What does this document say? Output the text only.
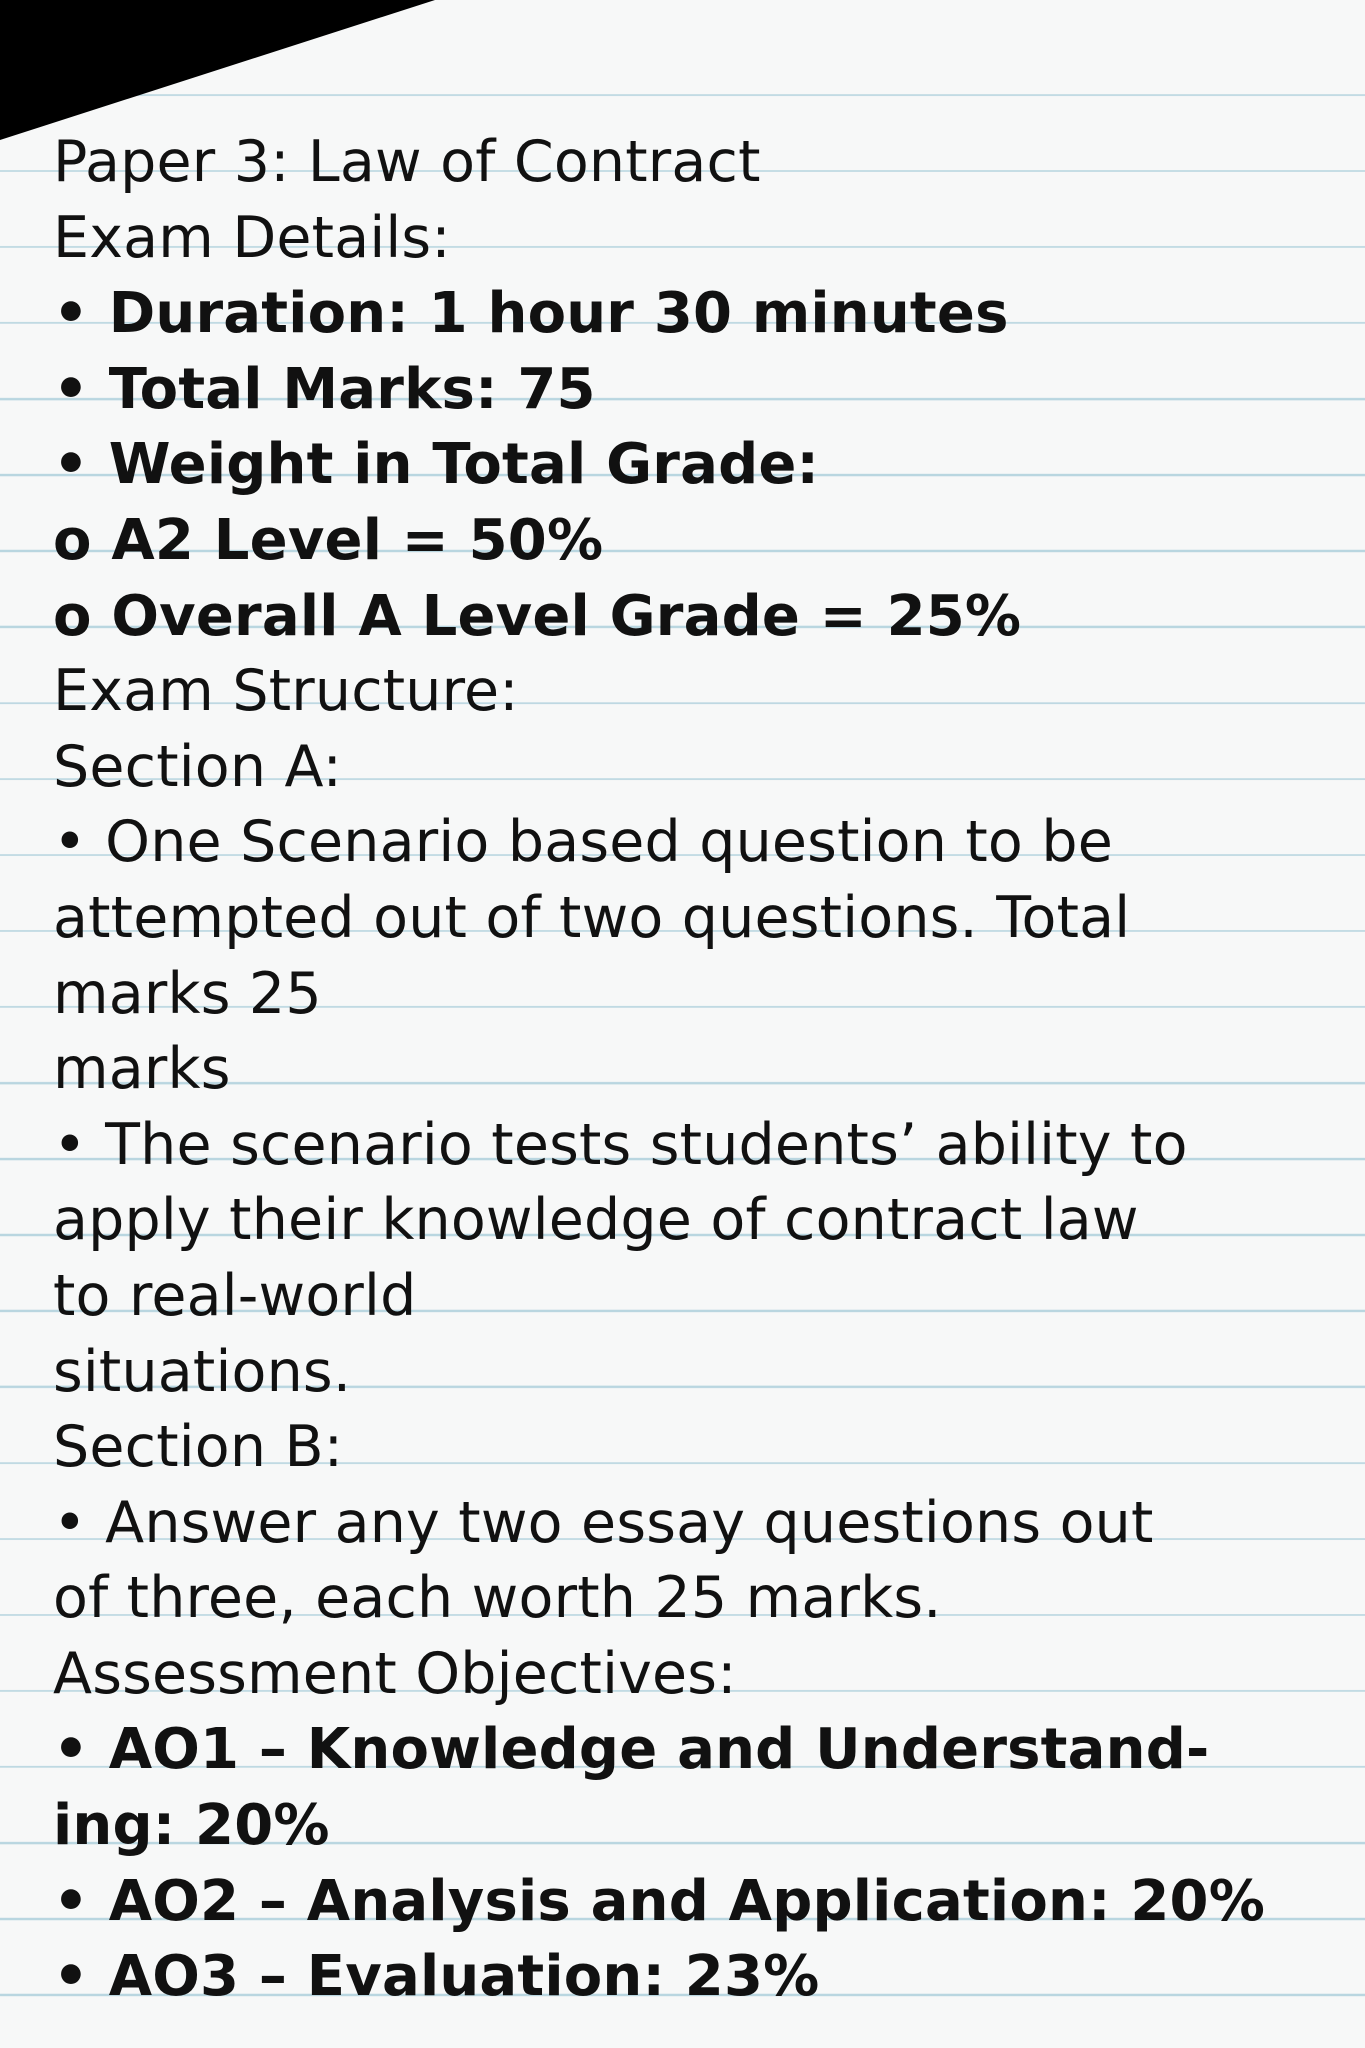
Paper 3: Law of Contract

Exam Details:

• Duration: 1 hour 30 minutes

• Total Marks: 75

• Weight in Total Grade:

o A2 Level = 50%

o Overall A Level Grade = 25%

Exam Structure:

Section A:

• One Scenario based question to be

attempted out of two questions. Total

marks 25

marks

• The scenario tests students’ ability to

apply their knowledge of contract law

to real-world

situations.

Section B:

• Answer any two essay questions out

of three, each worth 25 marks.

Assessment Objectives:

• AO1 – Knowledge and Understand-

ing: 20%

• AO2 – Analysis and Application: 20%

• AO3 – Evaluation: 23%
